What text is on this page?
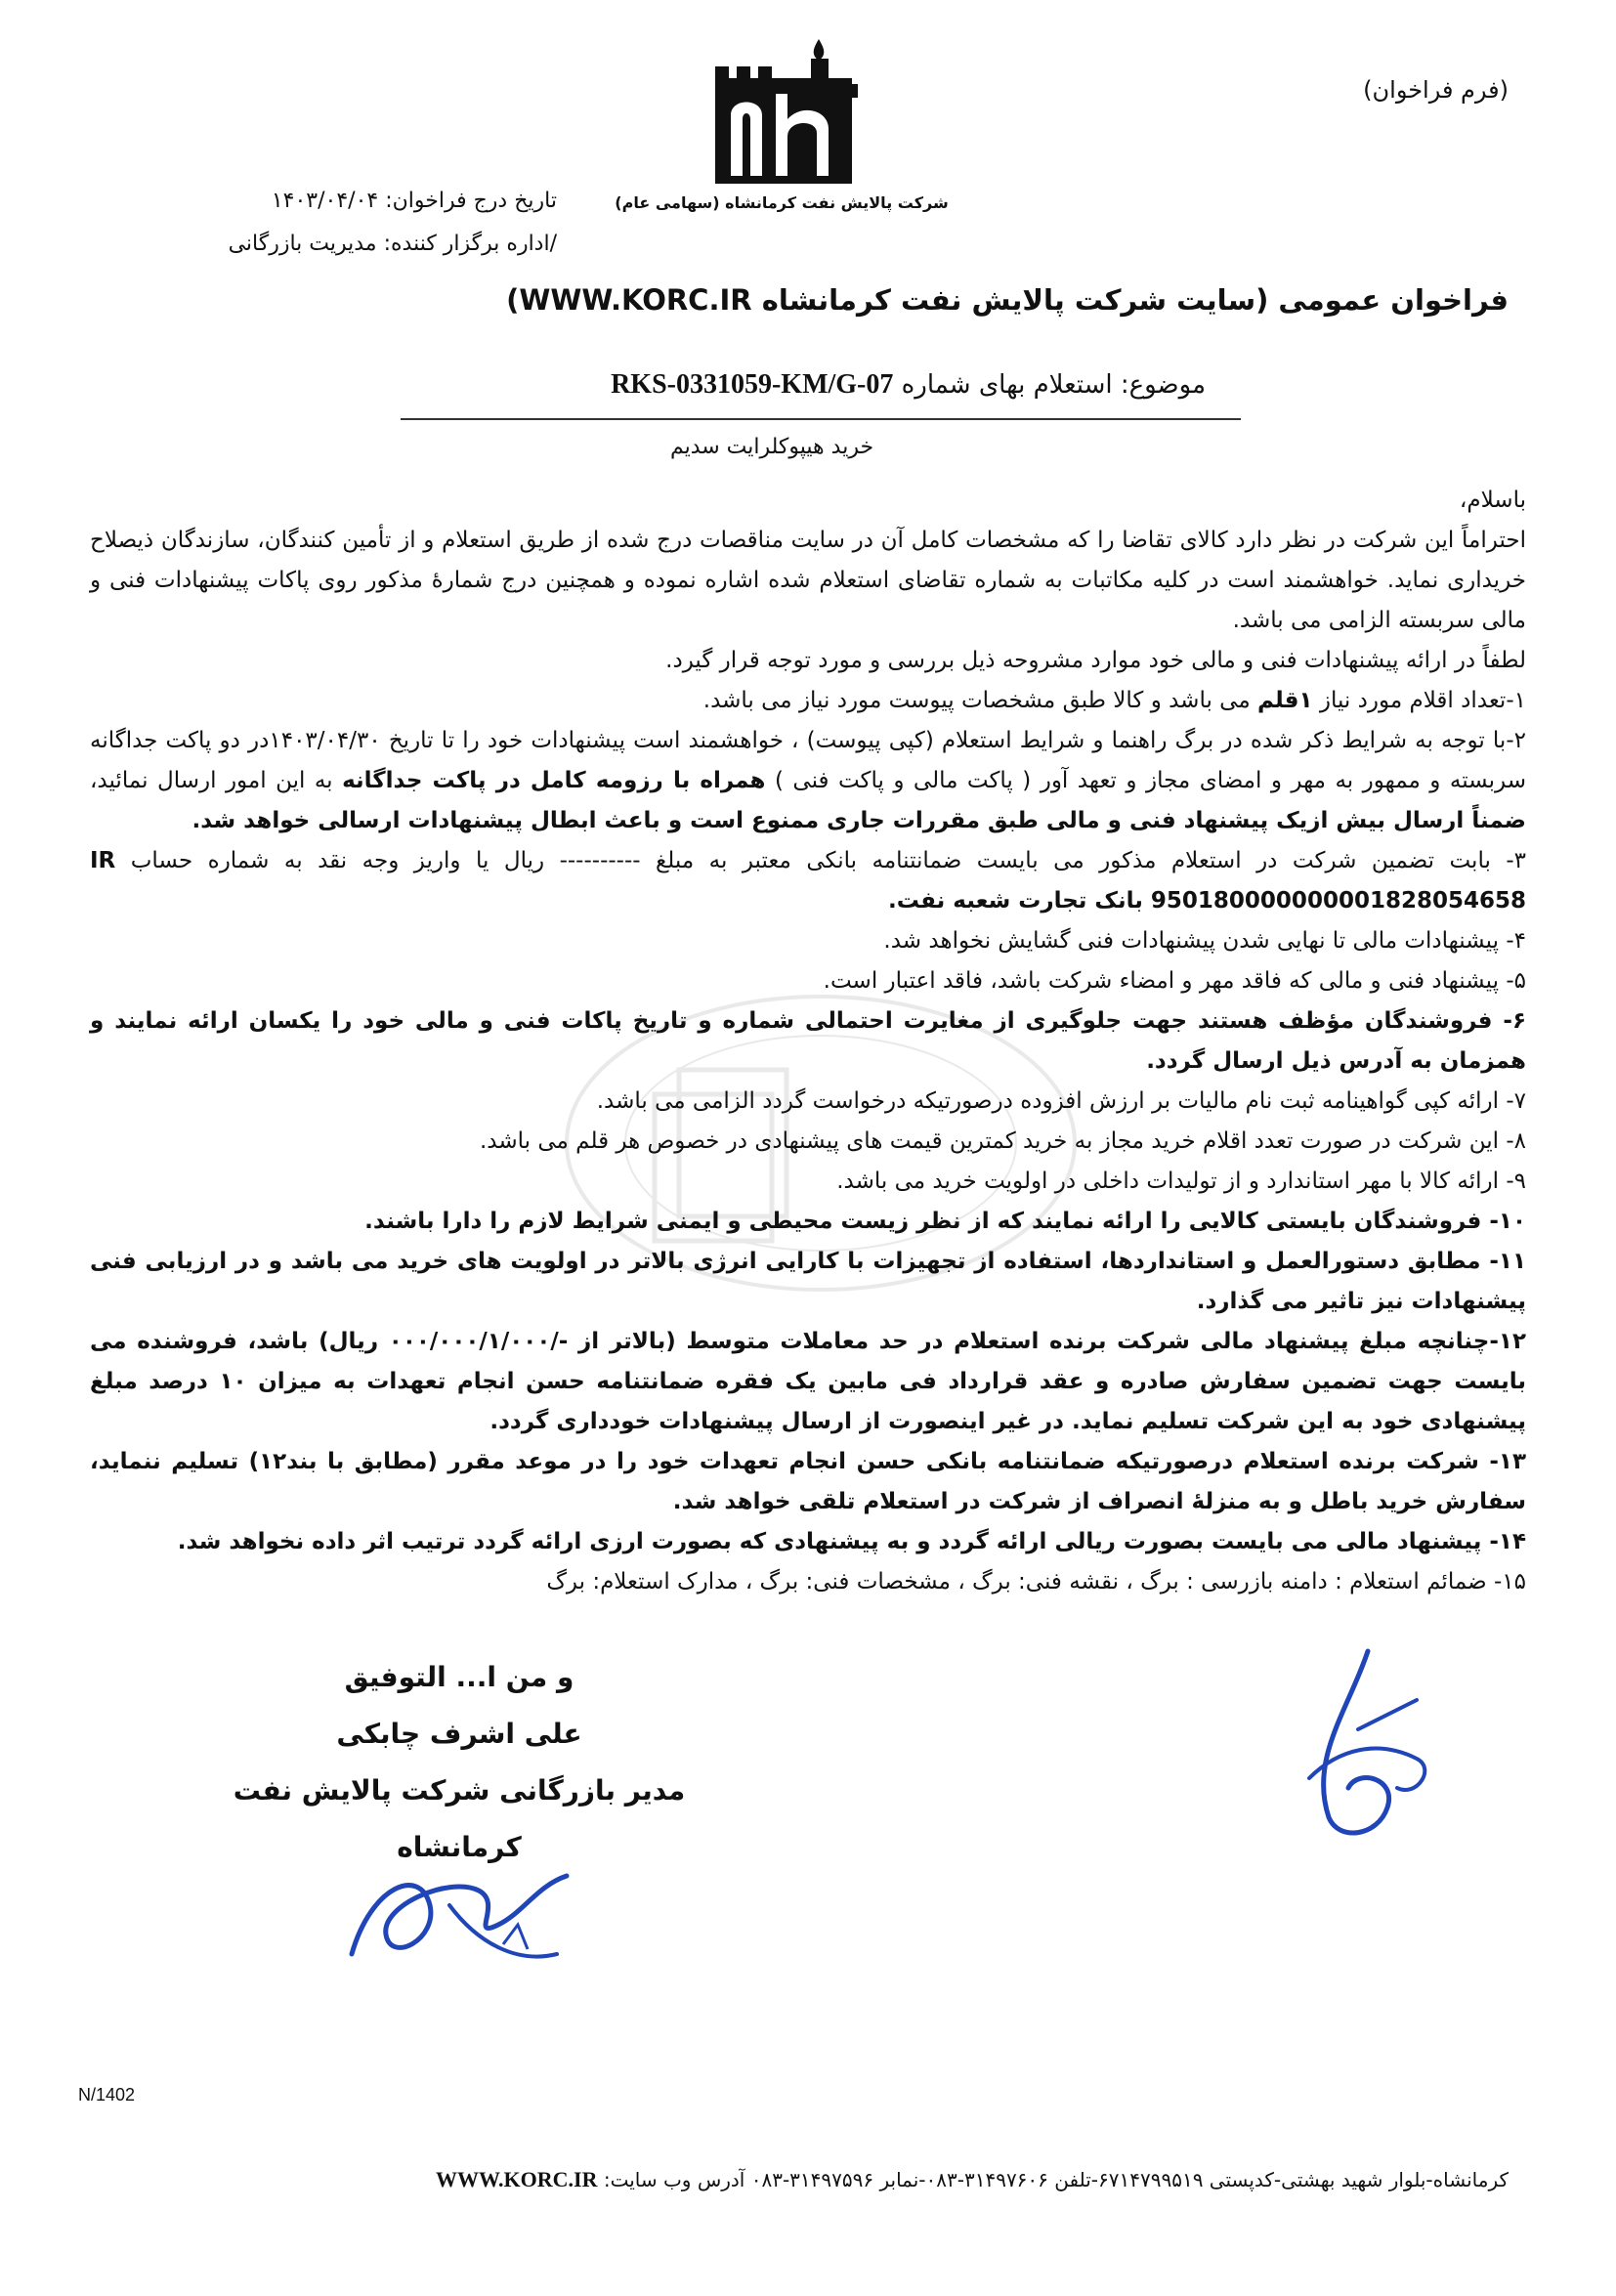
(فرم فراخوان)
شرکت پالایش نفت کرمانشاه (سهامی عام)
تاریخ درج فراخوان: ۱۴۰۳/۰۴/۰۴
/اداره برگزار کننده: مدیریت بازرگانی
فراخوان عمومی (سایت شرکت پالایش نفت کرمانشاه WWW.KORC.IR)
موضوع: استعلام بهای شماره RKS-0331059-KM/G-07
خرید هیپوکلرایت سدیم

باسلام،

احتراماً این شرکت در نظر دارد کالای تقاضا را که مشخصات کامل آن در سایت مناقصات درج شده از طریق استعلام و از تأمین کنندگان، سازندگان ذیصلاح خریداری نماید. خواهشمند است در کلیه مکاتبات به شماره تقاضای استعلام شده اشاره نموده و همچنین درج شمارهٔ مذکور روی پاکات پیشنهادات فنی و مالی سربسته الزامی می باشد.

لطفاً در ارائه پیشنهادات فنی و مالی خود موارد مشروحه ذیل بررسی و مورد توجه قرار گیرد.

۱-تعداد اقلام مورد نیاز ۱قلم می باشد و کالا طبق مشخصات پیوست مورد نیاز می باشد.

۲-با توجه به شرایط ذکر شده در برگ راهنما و شرایط استعلام (کپی پیوست) ، خواهشمند است پیشنهادات خود را تا تاریخ ۱۴۰۳/۰۴/۳۰در دو پاکت جداگانه سربسته و ممهور به مهر و امضای مجاز و تعهد آور ( پاکت مالی و پاکت فنی ) همراه با رزومه کامل در پاکت جداگانه به این امور ارسال نمائید، ضمناً ارسال بیش ازیک پیشنهاد فنی و مالی طبق مقررات جاری ممنوع است و باعث ابطال پیشنهادات ارسالی خواهد شد.

۳- بابت تضمین شرکت در استعلام مذکور می بایست ضمانتنامه بانکی معتبر به مبلغ ---------- ریال یا واریز وجه نقد به شماره حساب IR 950180000000001828054658 بانک تجارت شعبه نفت.

۴- پیشنهادات مالی تا نهایی شدن پیشنهادات فنی گشایش نخواهد شد.

۵- پیشنهاد فنی و مالی که فاقد مهر و امضاء شرکت باشد، فاقد اعتبار است.

۶- فروشندگان مؤظف هستند جهت جلوگیری از مغایرت احتمالی شماره و تاریخ پاکات فنی و مالی خود را یکسان ارائه نمایند و همزمان به آدرس ذیل ارسال گردد.

۷- ارائه کپی گواهینامه ثبت نام مالیات بر ارزش افزوده درصورتیکه درخواست گردد الزامی می باشد.

۸- این شرکت در صورت تعدد اقلام خرید مجاز به خرید کمترین قیمت های پیشنهادی در خصوص هر قلم می باشد.

۹- ارائه کالا با مهر استاندارد و از تولیدات داخلی در اولویت خرید می باشد.

۱۰- فروشندگان بایستی کالایی را ارائه نمایند که از نظر زیست محیطی و ایمنی شرایط لازم را دارا باشند.

۱۱- مطابق دستورالعمل و استانداردها، استفاده از تجهیزات با کارایی انرژی بالاتر در اولویت های خرید می باشد و در ارزیابی فنی پیشنهادات نیز تاثیر می گذارد.

۱۲-چنانچه مبلغ پیشنهاد مالی شرکت برنده استعلام در حد معاملات متوسط (بالاتر از -/۰۰۰/۰۰۰/۱/۰۰۰ ریال) باشد، فروشنده می بایست جهت تضمین سفارش صادره و عقد قرارداد فی مابین یک فقره ضمانتنامه حسن انجام تعهدات به میزان ۱۰ درصد مبلغ پیشنهادی خود به این شرکت تسلیم نماید. در غیر اینصورت از ارسال پیشنهادات خودداری گردد.

۱۳- شرکت برنده استعلام درصورتیکه ضمانتنامه بانکی حسن انجام تعهدات خود را در موعد مقرر (مطابق با بند۱۲) تسلیم ننماید، سفارش خرید باطل و به منزلهٔ انصراف از شرکت در استعلام تلقی خواهد شد.

۱۴- پیشنهاد مالی می بایست بصورت ریالی ارائه گردد و به پیشنهادی که بصورت ارزی ارائه گردد ترتیب اثر داده نخواهد شد.

۱۵- ضمائم استعلام : دامنه بازرسی : برگ ، نقشه فنی: برگ ، مشخصات فنی: برگ ، مدارک استعلام: برگ

و من ا... التوفیق
علی اشرف چابکی
مدیر بازرگانی شرکت پالایش نفت کرمانشاه
N/1402
کرمانشاه-بلوار شهید بهشتی-کدپستی ۶۷۱۴۷۹۹۵۱۹-تلفن ۳۱۴۹۷۶۰۶-۰۸۳-نمابر ۳۱۴۹۷۵۹۶-۰۸۳ آدرس وب سایت: WWW.KORC.IR
